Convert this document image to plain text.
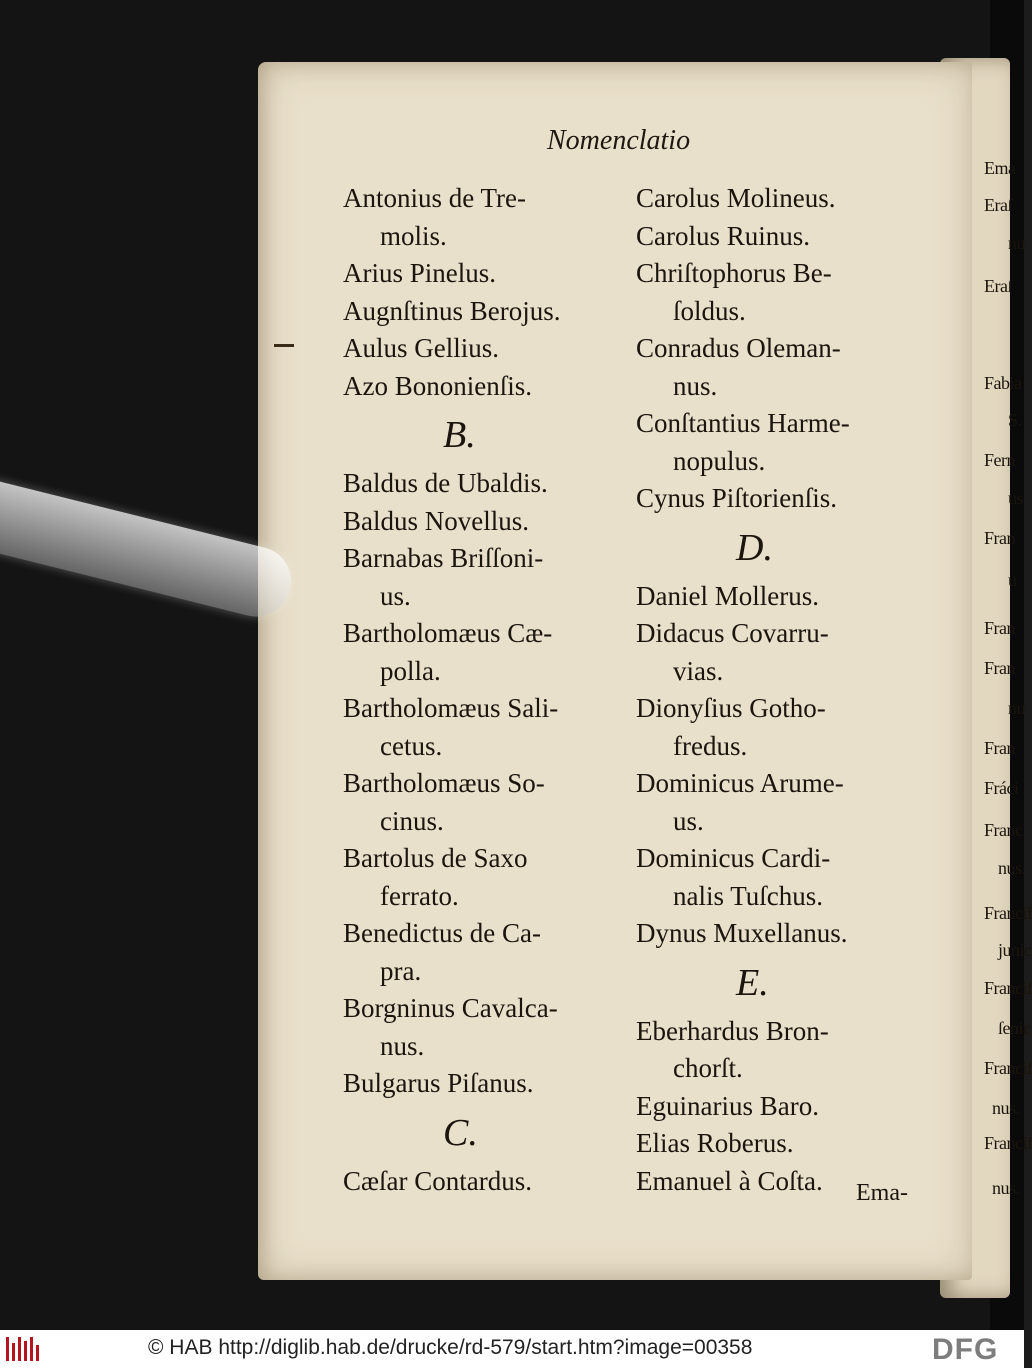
Ema
Eraſ
nu
Eraſ
Fabia
S.
Fern
us
Fran
u
Fran
Fran
nu
Fran
Fráci
Franc
nus.
Francif
junic
Francif
ſenic
Francif
nus.
Francif
nus.
Nomenclatio
Antonius de Tre-
molis.
Arius Pinelus.
Augnſtinus Berojus.
Aulus Gellius.
Azo Bononienſis.
B.
Baldus de Ubaldis.
Baldus Novellus.
Barnabas Briſſoni-
us.
Bartholomæus Cæ-
polla.
Bartholomæus Sali-
cetus.
Bartholomæus So-
cinus.
Bartolus de Saxo
ferrato.
Benedictus de Ca-
pra.
Borgninus Cavalca-
nus.
Bulgarus Piſanus.
C.
Cæſar Contardus.
Carolus Molineus.
Carolus Ruinus.
Chriſtophorus Be-
ſoldus.
Conradus Oleman-
nus.
Conſtantius Harme-
nopulus.
Cynus Piſtorienſis.
D.
Daniel Mollerus.
Didacus Covarru-
vias.
Dionyſius Gotho-
fredus.
Dominicus Arume-
us.
Dominicus Cardi-
nalis Tuſchus.
Dynus Muxellanus.
E.
Eberhardus Bron-
chorſt.
Eguinarius Baro.
Elias Roberus.
Emanuel à Coſta.	Ema-
© HAB http://diglib.hab.de/drucke/rd-579/start.htm?image=00358	DFG
